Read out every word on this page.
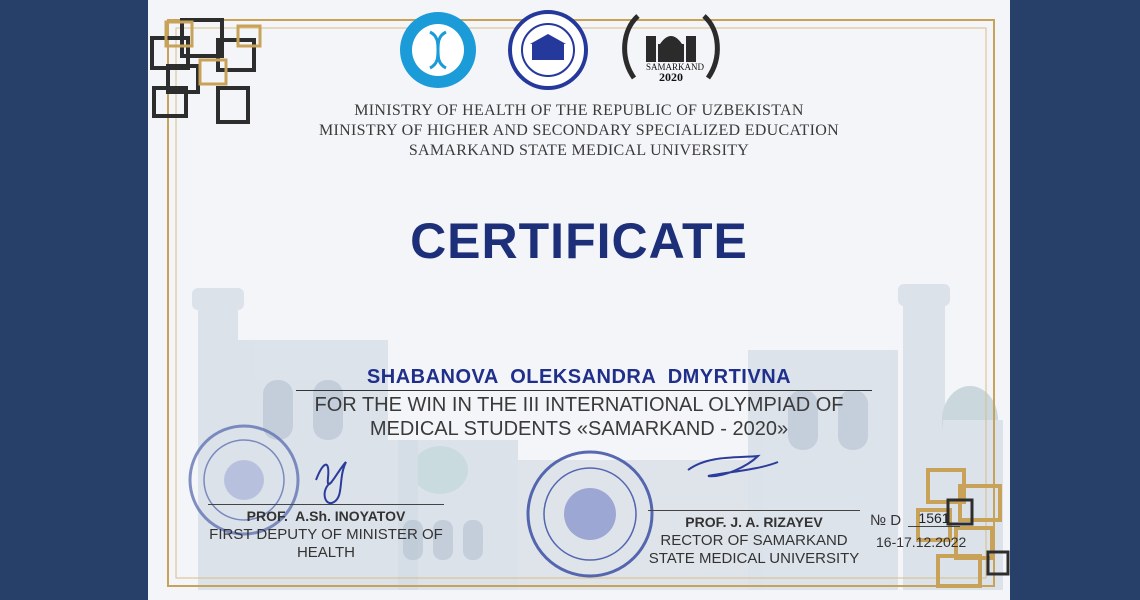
SAMARKAND
2020
MINISTRY OF HEALTH OF THE REPUBLIC OF UZBEKISTAN
MINISTRY OF HIGHER AND SECONDARY SPECIALIZED EDUCATION
SAMARKAND STATE MEDICAL UNIVERSITY
CERTIFICATE
SHABANOVA  OLEKSANDRA  DMYRTIVNA
FOR THE WIN IN THE III INTERNATIONAL OLYMPIAD OF
MEDICAL STUDENTS «SAMARKAND - 2020»
PROF.  A.Sh. INOYATOV
FIRST DEPUTY OF MINISTER OF
HEALTH
PROF. J. A. RIZAYEV
RECTOR OF SAMARKAND
STATE MEDICAL UNIVERSITY
№ D	1561
16-17.12.2022
